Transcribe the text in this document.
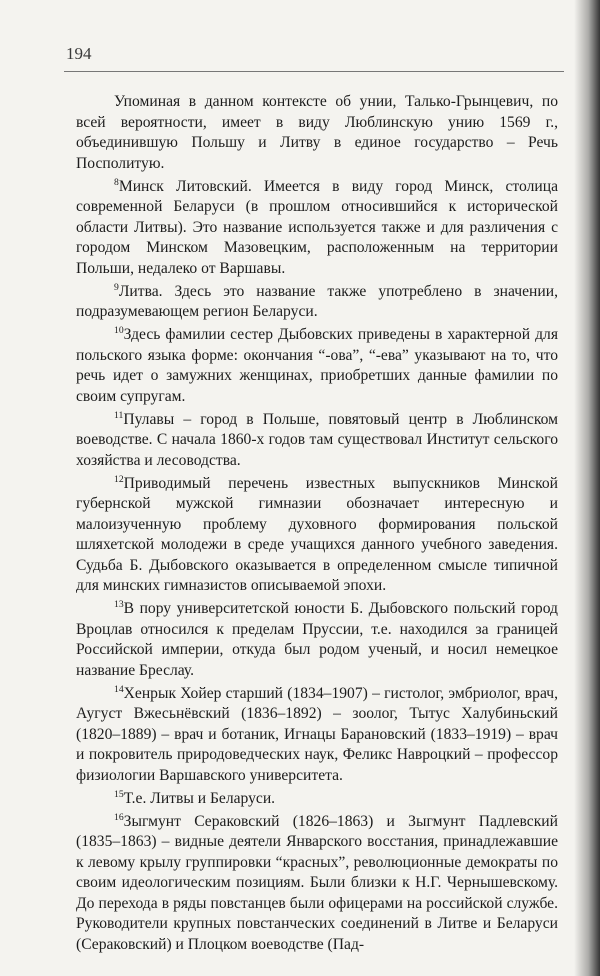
194

Упоминая в данном контексте об унии, Талько-Грынцевич, по всей вероятности, имеет в виду Люблинскую унию 1569 г., объединившую Польшу и Литву в единое государство – Речь Посполитую.

$^8$Минск Литовский. Имеется в виду город Минск, столица современной Беларуси (в прошлом относившийся к исторической области Литвы). Это название используется также и для различения с городом Минском Мазовецким, расположенным на территории Польши, недалеко от Варшавы.

$^9$Литва. Здесь это название также употреблено в значении, подразумевающем регион Беларуси.

$^{10}$Здесь фамилии сестер Дыбовских приведены в характерной для польского языка форме: окончания “-ова”, “-ева” указывают на то, что речь идет о замужних женщинах, приобретших данные фамилии по своим супругам.

$^{11}$Пулавы – город в Польше, повятовый центр в Люблинском воеводстве. С начала 1860-х годов там существовал Институт сельского хозяйства и лесоводства.

$^{12}$Приводимый перечень известных выпускников Минской губернской мужской гимназии обозначает интересную и малоизученную проблему духовного формирования польской шляхетской молодежи в среде учащихся данного учебного заведения. Судьба Б. Дыбовского оказывается в определенном смысле типичной для минских гимназистов описываемой эпохи.

$^{13}$В пору университетской юности Б. Дыбовского польский город Вроцлав относился к пределам Пруссии, т.е. находился за границей Российской империи, откуда был родом ученый, и носил немецкое название Бреслау.

$^{14}$Хенрык Хойер старший (1834–1907) – гистолог, эмбриолог, врач, Аугуст Вжесьнёвский (1836–1892) – зоолог, Тытус Халубиньский (1820–1889) – врач и ботаник, Игнацы Барановский (1833–1919) – врач и покровитель природоведческих наук, Феликс Навроцкий – профессор физиологии Варшавского университета.

$^{15}$Т.е. Литвы и Беларуси.

$^{16}$Зыгмунт Сераковский (1826–1863) и Зыгмунт Падлевский (1835–1863) – видные деятели Январского восстания, принадлежавшие к левому крылу группировки “красных”, революционные демократы по своим идеологическим позициям. Были близки к Н.Г. Чернышевскому. До перехода в ряды повстанцев были офицерами на российской службе. Руководители крупных повстанческих соединений в Литве и Беларуси (Сераковский) и Плоцком воеводстве (Пад-
